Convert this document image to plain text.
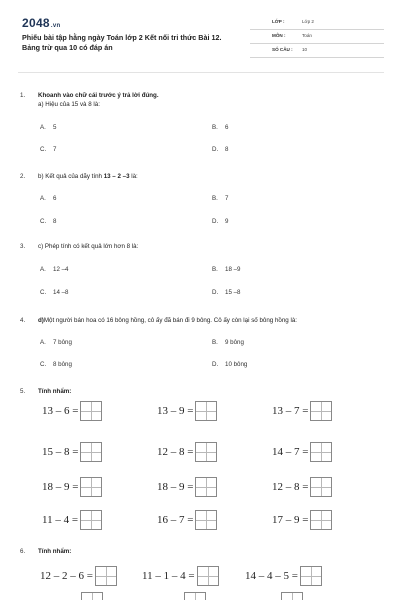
2048.vn
Phiếu bài tập hằng ngày Toán lớp 2 Kết nối tri thức Bài 12.
Bảng trừ qua 10 có đáp án
LỚP :	Lớp 2
MÔN :	Toán
SỐ CÂU : 10
1. Khoanh vào chữ cái trước ý trả lời đúng.
a) Hiệu của 15 và 8 là:
A. 5	B. 6
C. 7	D. 8
2. b) Kết quả của dãy tính 13 – 2 –3 là:
A. 6	B. 7
C. 8	D. 9
3. c) Phép tính có kết quả lớn hơn 8 là:
A. 12 –4	B. 18 –9
C. 14 –8	D. 15 –8
4. d)Một người bán hoa có 16 bông hồng, cô ấy đã bán đi 9 bông. Cô ấy còn lại số bông hồng là:
A. 7 bông	B. 9 bông
C. 8 bông	D. 10 bông
5. Tính nhẩm:
13 – 6 =	13 – 9 =	13 – 7 =
15 – 8 =	12 – 8 =	14 – 7 =
18 – 9 =	18 – 9 =	12 – 8 =
11 – 4 =	16 – 7 =	17 – 9 =
6. Tính nhẩm:
12 – 2 – 6 =	11 – 1 – 4 =	14 – 4 – 5 =
